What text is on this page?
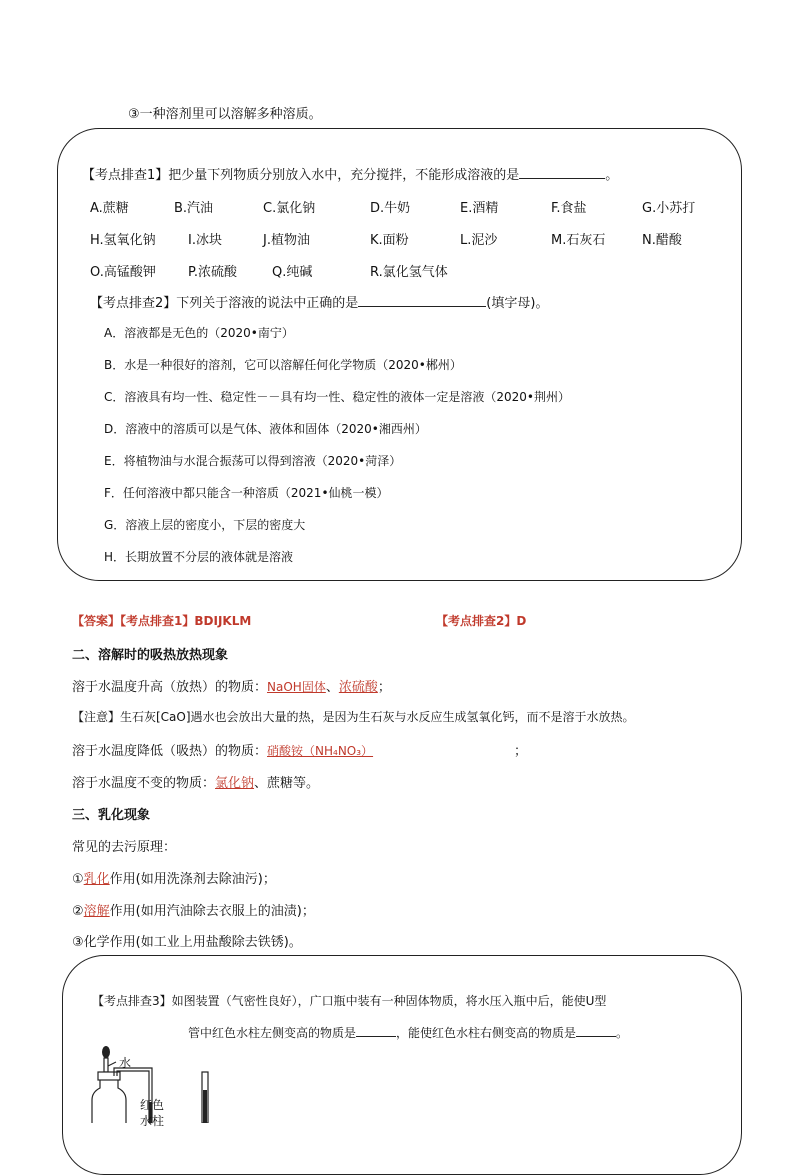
③一种溶剂里可以溶解多种溶质。
【考点排查1】把少量下列物质分别放入水中，充分搅拌，不能形成溶液的是	。
A.蔗糖	B.汽油	C.氯化钠	D.牛奶	E.酒精	F.食盐	G.小苏打
H.氢氧化钠 I.冰块	J.植物油	K.面粉	L.泥沙	M.石灰石	N.醋酸
O.高锰酸钾 P.浓硫酸	Q.纯碱	R.氯化氢气体
【考点排查2】下列关于溶液的说法中正确的是	(填字母)。
A．溶液都是无色的（2020•南宁）
B．水是一种很好的溶剂，它可以溶解任何化学物质（2020•郴州）
C．溶液具有均一性、稳定性－－具有均一性、稳定性的液体一定是溶液（2020•荆州）
D．溶液中的溶质可以是气体、液体和固体（2020•湘西州）
E．将植物油与水混合振荡可以得到溶液（2020•菏泽）
F．任何溶液中都只能含一种溶质（2021•仙桃一模）
G．溶液上层的密度小，下层的密度大
H．长期放置不分层的液体就是溶液
【答案】【考点排查1】BDIJKLM	【考点排查2】D
二、溶解时的吸热放热现象
溶于水温度升高（放热）的物质：NaOH固体、浓硫酸；
【注意】生石灰[CaO]遇水也会放出大量的热，是因为生石灰与水反应生成氢氧化钙，而不是溶于水放热。
溶于水温度降低（吸热）的物质：硝酸铵（NH₄NO₃）	；
溶于水温度不变的物质：氯化钠、蔗糖等。
三、乳化现象
常见的去污原理：
①乳化作用(如用洗涤剂去除油污)；
②溶解作用(如用汽油除去衣服上的油渍)；
③化学作用(如工业上用盐酸除去铁锈)。
【考点排查3】如图装置（气密性良好），广口瓶中装有一种固体物质，将水压入瓶中后，能使U型
管中红色水柱左侧变高的物质是	，能使红色水柱右侧变高的物质是	。
水
红色
水柱
